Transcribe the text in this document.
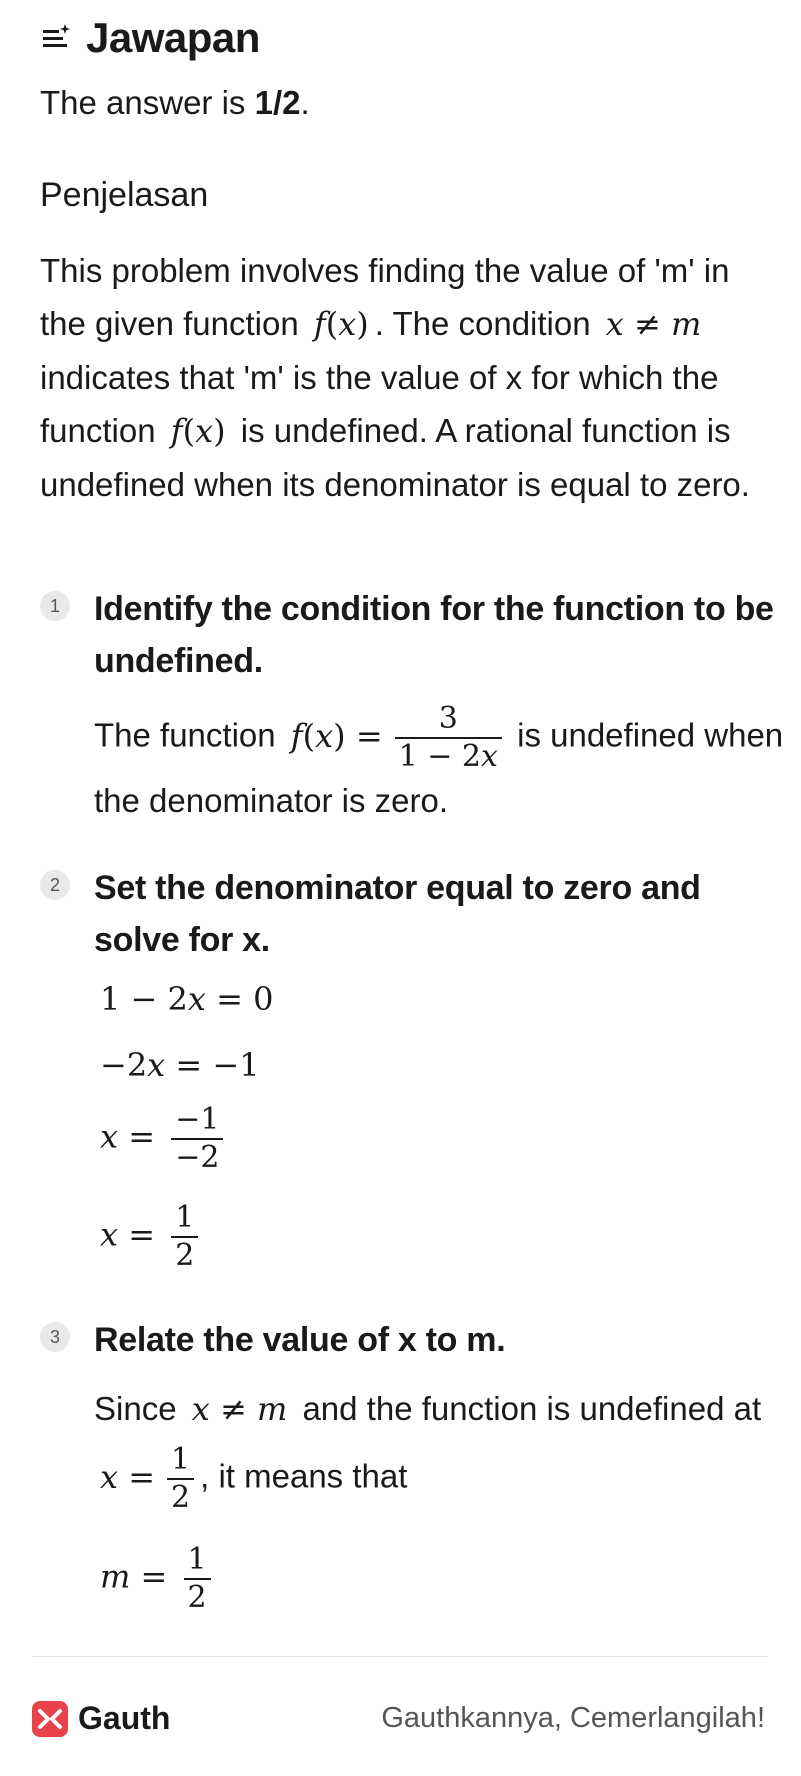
Jawapan
The answer is 1/2.
Penjelasan
This problem involves finding the value of 'm' in the given function f(x) . The condition x ≠ m indicates that 'm' is the value of x for which the function f(x) is undefined. A rational function is undefined when its denominator is equal to zero.
1 Identify the condition for the function to be undefined.
The function $f(x) = \frac{3}{1 - 2x}$ is undefined when the denominator is zero.
2 Set the denominator equal to zero and solve for x.
1 − 2x = 0
−2x = −1
$x = \frac{-1}{-2}$
$x = \frac{1}{2}$
3 Relate the value of x to m.
Since x ≠ m and the function is undefined at $x = \frac{1}{2}$ , it means that
$m = \frac{1}{2}$
Gauth	Gauthkannya, Cemerlangilah!
